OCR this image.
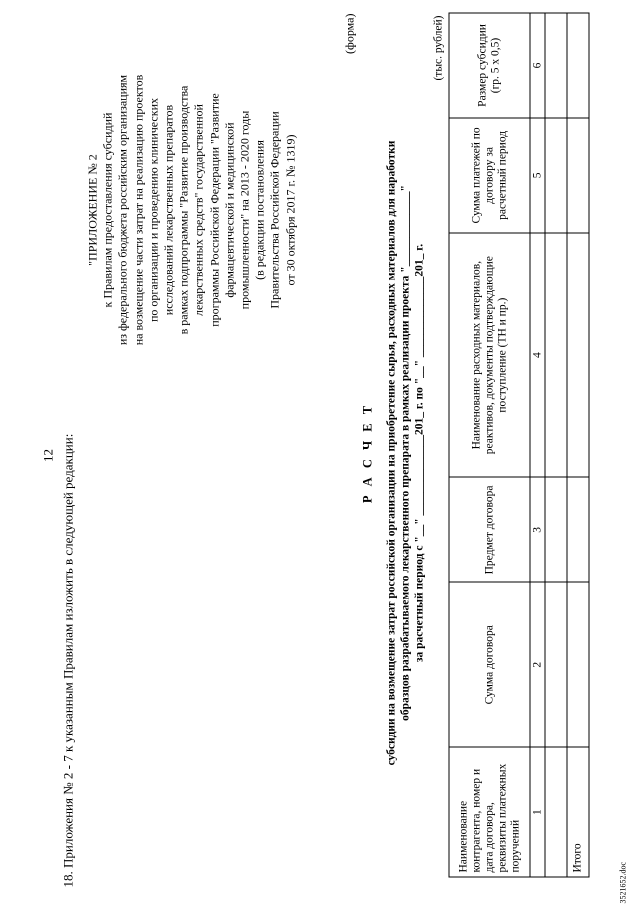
12 18. Приложения № 2 - 7 к указанным Правилам изложить в следующей редакции:
"ПРИЛОЖЕНИЕ № 2 к Правилам предоставления субсидий из федерального бюджета российским организациям на возмещение части затрат на реализацию проектов по организации и проведению клинических исследований лекарственных препаратов в рамках подпрограммы "Развитие производства лекарственных средств" государственной программы Российской Федерации "Развитие фармацевтической и медицинской промышленности" на 2013 - 2020 годы (в редакции постановления Правительства Российской Федерации от 30 октября 2017 г. № 1319)
(форма)
Р А С Ч Е Т субсидии на возмещение затрат российской организации на приобретение сырья, расходных материалов для наработки образцов разрабатываемого лекарственного препарата в рамках реализации проекта "_____________" за расчетный период с "__" ______________201_ г. по "__" ______________201_ г.
(тыс. рублей)
Наименование контрагента, номер и дата договора, реквизиты платежных поручений	Сумма договора	Предмет договора	Наименование расходных материалов, реактивов, документы подтверждающие поступление (ТН и пр.)	Сумма платежей по договору за расчетный период	Размер субсидии (гр. 5 х 0,5)
1	2	3	4	5	6

Итого					
3521652.doc
